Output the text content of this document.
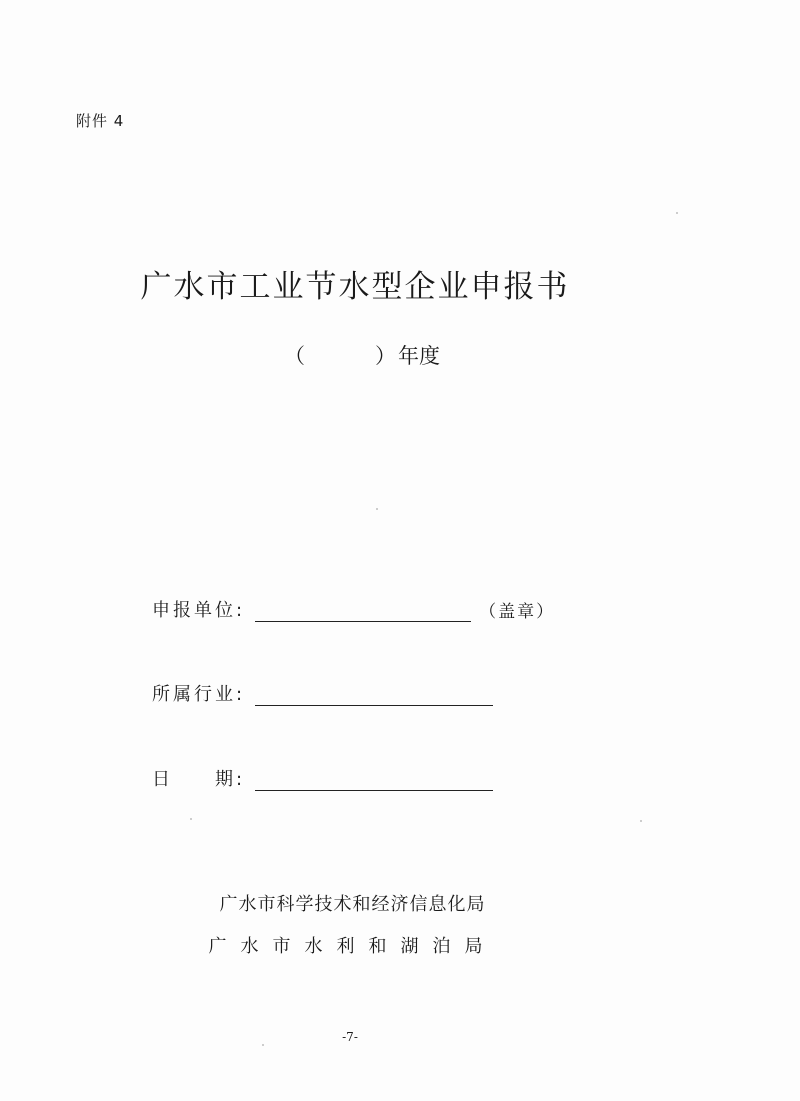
附件 4
广水市工业节水型企业申报书
（	） 年度
申报单位:	（盖章）
所属行业:
日 期:
广水市科学技术和经济信息化局
广水市水利和湖泊局
-7-
